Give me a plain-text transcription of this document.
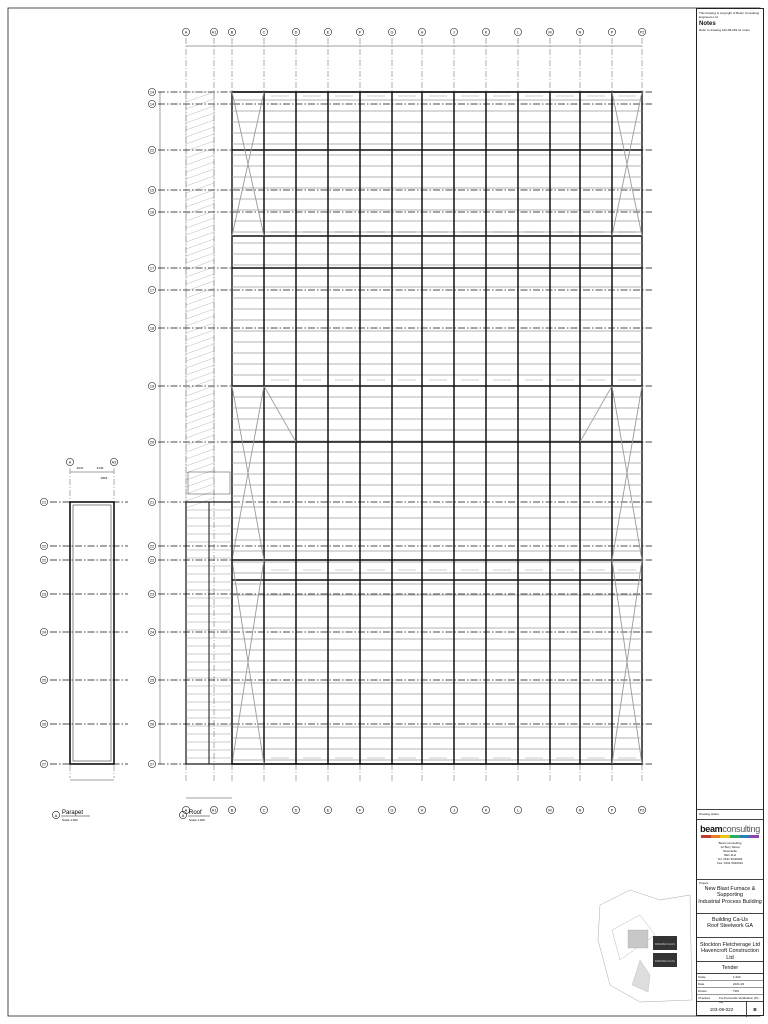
A
A
A1
A1
B
B
C
C
D
D
E
E
F
F
G
G
H
H
J
J
K
K
L
L
M
M
N
N
P
P
P2
P2
14
14
22
15
16
17
17
18
19
20
21
22
22
23
24
25
26
27
A	A2
21
22
22
23
24
25
26
27
4047	3145
2864
A Roof
Scale 1:200
A Parapet
Scale 1:200
BUILDING CA-US
BUILDING CA-US
This drawing is copyright of Beam Consulting Engineers Ltd.
Notes
Refer to drawing 103-09-003 for notes.
Drawing status
beamconsulting
Beam Consulting
12 Bury Street
Newcastle
NE1 3HJ
Tel: 0191 5040006
Fax: 0191 5040010
Project
New Blast Furnace & Supporting
Industrial Process Building
Building Ca-Us
Roof Steelwork GA
Stockton Fletcherage Ltd
Havencroft Construction Ltd
Tender
Scale	1:200
Date	2021-09
Drawn	TDS
Checked	For Percentile Verification (PL-03)
103-09-022	B
